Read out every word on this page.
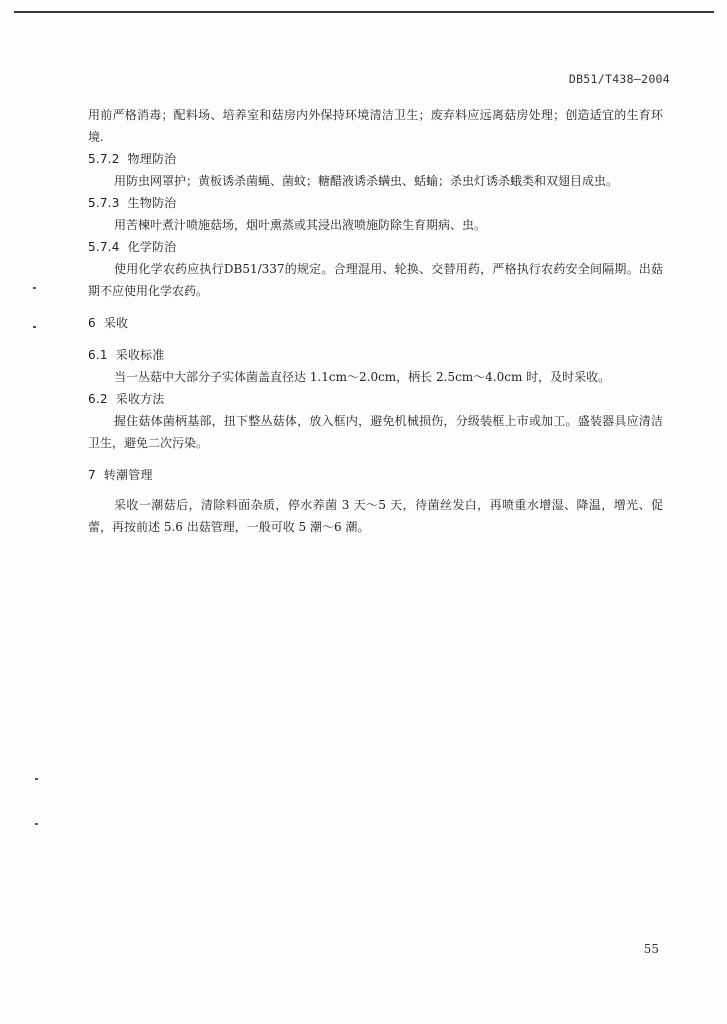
DB51/T438—2004

用前严格消毒；配料场、培养室和菇房内外保持环境清洁卫生；废弃料应远离菇房处理；创造适宜的生育环境.

5.7.2 物理防治

用防虫网罩护；黄板诱杀菌蝇、菌蚊；糖醋液诱杀螨虫、蛞蝓；杀虫灯诱杀蛾类和双翅目成虫。

5.7.3 生物防治

用苦楝叶煮汁喷施菇场，烟叶熏蒸或其浸出液喷施防除生育期病、虫。

5.7.4 化学防治

使用化学农药应执行DB51/337的规定。合理混用、轮换、交替用药，严格执行农药安全间隔期。出菇期不应使用化学农药。

6 采收

6.1 采收标准

当一丛菇中大部分子实体菌盖直径达 1.1cm～2.0cm，柄长 2.5cm～4.0cm 时，及时采收。

6.2 采收方法

握住菇体菌柄基部，扭下整丛菇体，放入框内，避免机械损伤，分级装框上市或加工。盛装器具应清洁卫生，避免二次污染。

7 转潮管理

采收一潮菇后，清除料面杂质，停水养菌 3 天～5 天，待菌丝发白，再喷重水增湿、降温，增光、促蕾，再按前述 5.6 出菇管理，一般可收 5 潮～6 潮。

55
